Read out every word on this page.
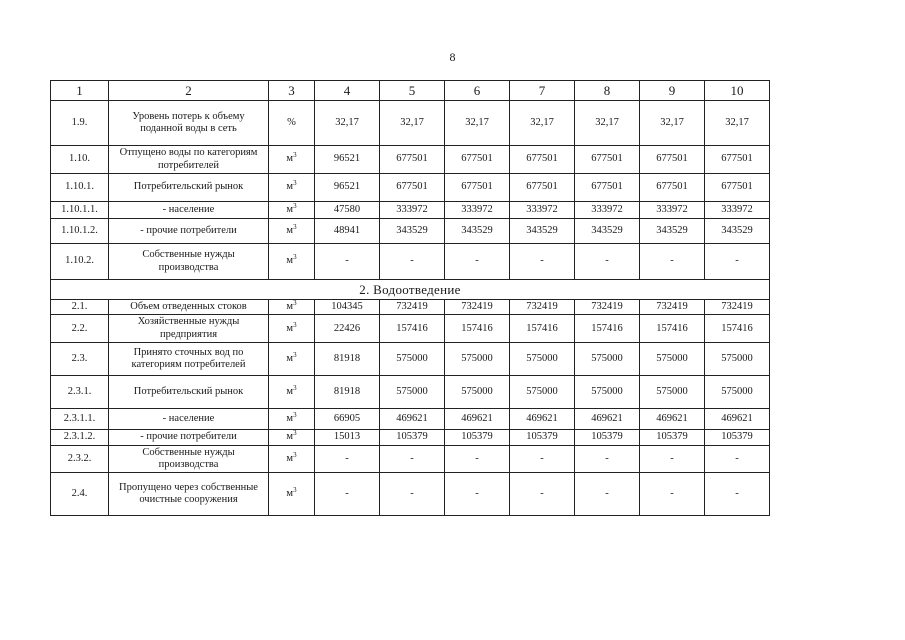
8
1	2	3	4	5	6	7	8	9	10
1.9.	Уровень потерь к объему поданной воды в сеть	%	32,17	32,17	32,17	32,17	32,17	32,17	32,17
1.10.	Отпущено воды по категориям потребителей	$м^3$	96521	677501	677501	677501	677501	677501	677501
1.10.1.	Потребительский рынок	$м^3$	96521	677501	677501	677501	677501	677501	677501
1.10.1.1.	- население	$м^3$	47580	333972	333972	333972	333972	333972	333972
1.10.1.2.	- прочие потребители	$м^3$	48941	343529	343529	343529	343529	343529	343529
1.10.2.	Собственные нужды производства	$м^3$	-	-	-	-	-	-	-
2. Водоотведение									
2.1.	Объем отведенных стоков	$м^3$	104345	732419	732419	732419	732419	732419	732419
2.2.	Хозяйственные нужды предприятия	$м^3$	22426	157416	157416	157416	157416	157416	157416
2.3.	Принято сточных вод по категориям потребителей	$м^3$	81918	575000	575000	575000	575000	575000	575000
2.3.1.	Потребительский рынок	$м^3$	81918	575000	575000	575000	575000	575000	575000
2.3.1.1.	- население	$м^3$	66905	469621	469621	469621	469621	469621	469621
2.3.1.2.	- прочие потребители	$м^3$	15013	105379	105379	105379	105379	105379	105379
2.3.2.	Собственные нужды производства	$м^3$	-	-	-	-	-	-	-
2.4.	Пропущено через собственные очистные сооружения	$м^3$	-	-	-	-	-	-	-
